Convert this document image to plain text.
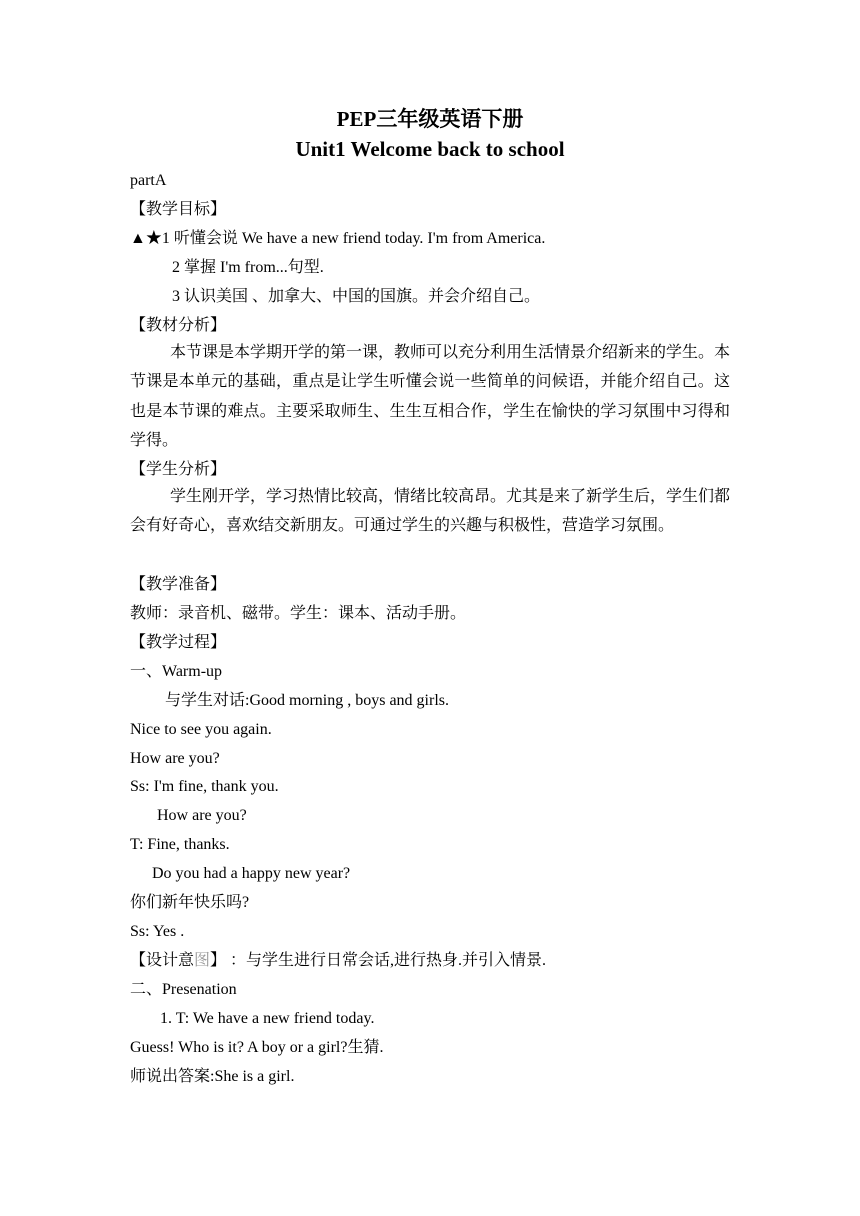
PEP三年级英语下册
Unit1 Welcome back to school

partA

【教学目标】

▲★1 听懂会说 We have a new friend today. I'm from America.

2 掌握 I'm from...句型.

3 认识美国 、加拿大、中国的国旗。并会介绍自己。

【教材分析】

本节课是本学期开学的第一课，教师可以充分利用生活情景介绍新来的学生。本节课是本单元的基础，重点是让学生听懂会说一些简单的问候语，并能介绍自己。这也是本节课的难点。主要采取师生、生生互相合作，学生在愉快的学习氛围中习得和学得。

【学生分析】

学生刚开学，学习热情比较高，情绪比较高昂。尤其是来了新学生后，学生们都会有好奇心，喜欢结交新朋友。可通过学生的兴趣与积极性，营造学习氛围。

【教学准备】

教师：录音机、磁带。学生：课本、活动手册。

【教学过程】

一、Warm-up

与学生对话:Good morning , boys and girls.

Nice to see you again.

How are you?

Ss: I'm fine, thank you.

How are you?

T: Fine, thanks.

Do you had a happy new year?

你们新年快乐吗?

Ss: Yes .

【设计意图】 ：与学生进行日常会话,进行热身.并引入情景.

二、Presenation

1. T: We have a new friend today.

Guess! Who is it? A boy or a girl?生猜.

师说出答案:She is a girl.
